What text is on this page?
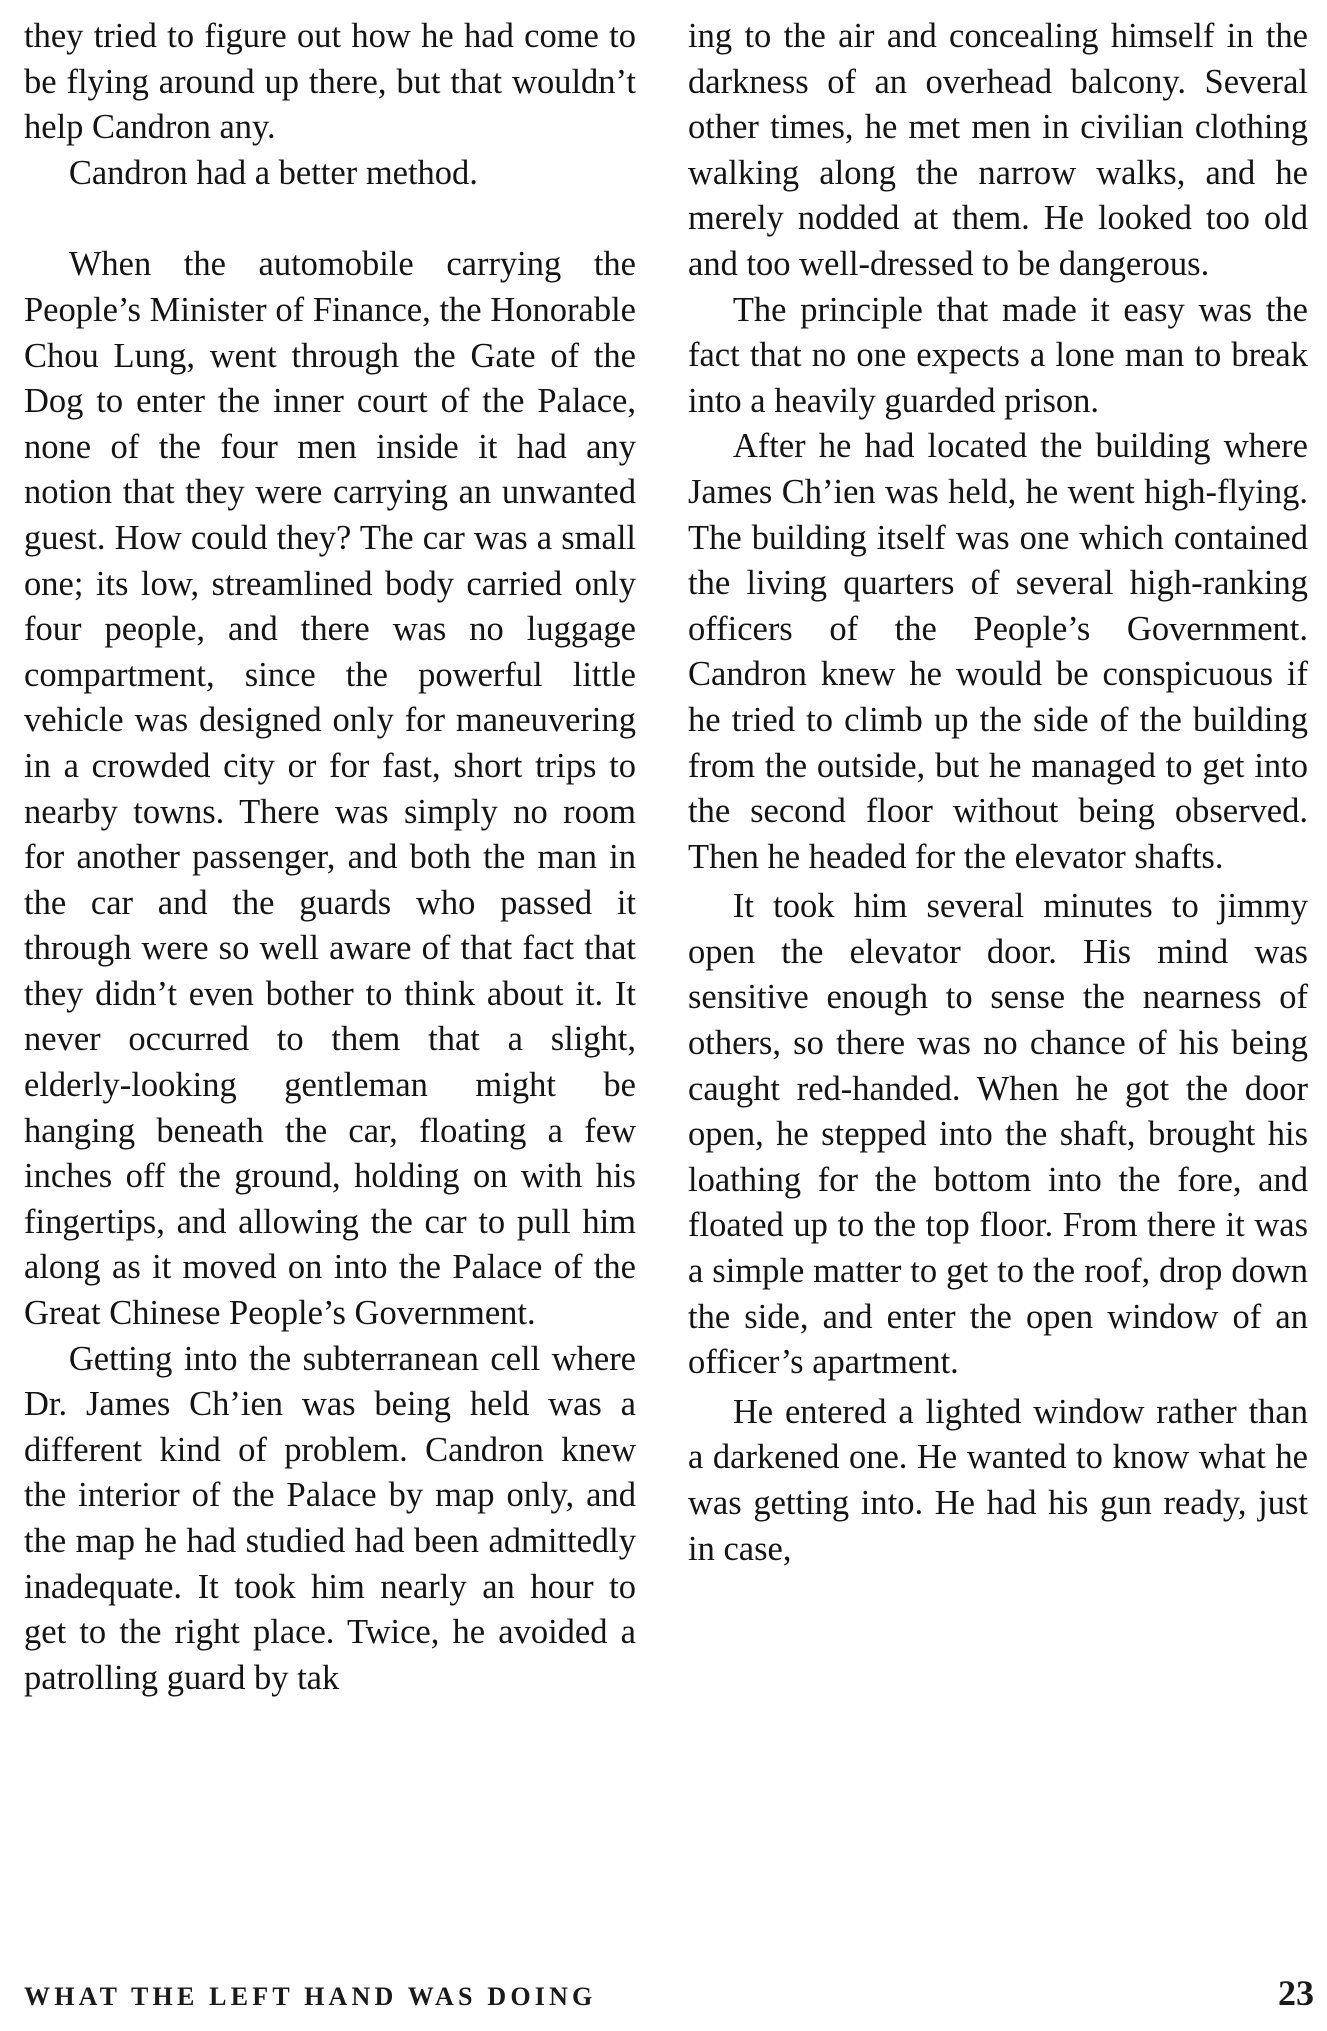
they tried to figure out how he had come to be flying around up there, but that wouldn’t help Candron any.

Candron had a better method.

When the automobile carrying the People’s Minister of Finance, the Honorable Chou Lung, went through the Gate of the Dog to enter the inner court of the Palace, none of the four men inside it had any notion that they were carrying an unwanted guest. How could they? The car was a small one; its low, streamlined body carried only four people, and there was no luggage compartment, since the powerful little vehicle was designed only for maneuvering in a crowded city or for fast, short trips to nearby towns. There was simply no room for another passenger, and both the man in the car and the guards who passed it through were so well aware of that fact that they didn’t even bother to think about it. It never occurred to them that a slight, elderly-looking gentleman might be hanging beneath the car, floating a few inches off the ground, holding on with his fingertips, and allowing the car to pull him along as it moved on into the Palace of the Great Chinese People’s Government.

Getting into the subterranean cell where Dr. James Ch’ien was being held was a different kind of problem. Candron knew the interior of the Palace by map only, and the map he had studied had been admittedly inadequate. It took him nearly an hour to get to the right place. Twice, he avoided a patrolling guard by tak

ing to the air and concealing himself in the darkness of an overhead balcony. Several other times, he met men in civilian clothing walking along the narrow walks, and he merely nodded at them. He looked too old and too well-dressed to be dangerous.

The principle that made it easy was the fact that no one expects a lone man to break into a heavily guarded prison.

After he had located the building where James Ch’ien was held, he went high-flying. The building itself was one which contained the living quarters of several high-ranking officers of the People’s Government. Candron knew he would be conspicuous if he tried to climb up the side of the building from the outside, but he managed to get into the second floor without being observed. Then he headed for the elevator shafts.

It took him several minutes to jimmy open the elevator door. His mind was sensitive enough to sense the nearness of others, so there was no chance of his being caught red-handed. When he got the door open, he stepped into the shaft, brought his loathing for the bottom into the fore, and floated up to the top floor. From there it was a simple matter to get to the roof, drop down the side, and enter the open window of an officer’s apartment.

He entered a lighted window rather than a darkened one. He wanted to know what he was getting into. He had his gun ready, just in case,

WHAT THE LEFT HAND WAS DOING	23
